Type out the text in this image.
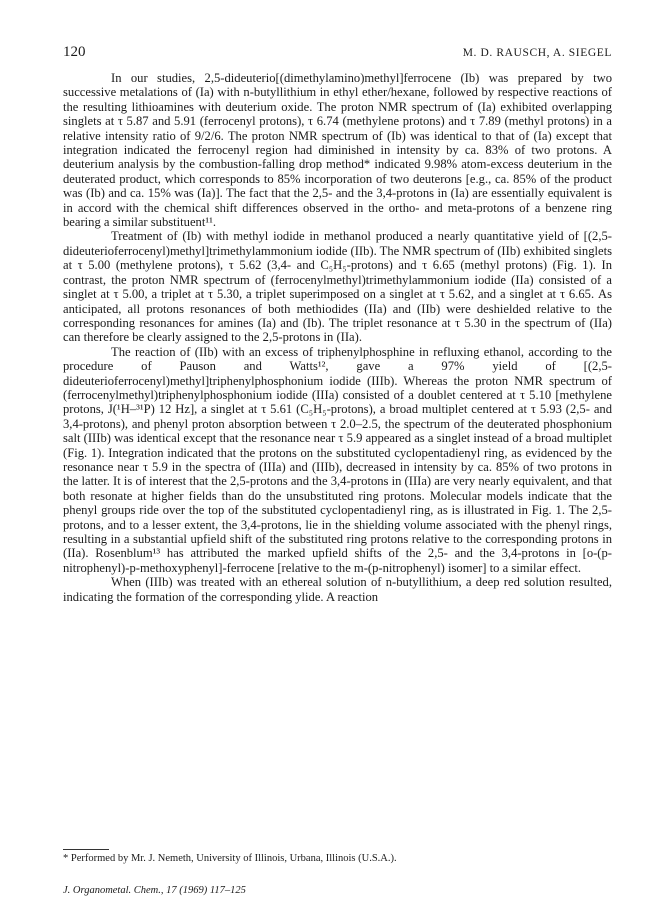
120	M. D. RAUSCH, A. SIEGEL

In our studies, 2,5-dideuterio[(dimethylamino)methyl]ferrocene (Ib) was prepared by two successive metalations of (Ia) with n-butyllithium in ethyl ether/hexane, followed by respective reactions of the resulting lithioamines with deuterium oxide. The proton NMR spectrum of (Ia) exhibited overlapping singlets at τ 5.87 and 5.91 (ferrocenyl protons), τ 6.74 (methylene protons) and τ 7.89 (methyl protons) in a relative intensity ratio of 9/2/6. The proton NMR spectrum of (Ib) was identical to that of (Ia) except that integration indicated the ferrocenyl region had diminished in intensity by ca. 83% of two protons. A deuterium analysis by the combustion-falling drop method* indicated 9.98% atom-excess deuterium in the deuterated product, which corresponds to 85% incorporation of two deuterons [e.g., ca. 85% of the product was (Ib) and ca. 15% was (Ia)]. The fact that the 2,5- and the 3,4-protons in (Ia) are essentially equivalent is in accord with the chemical shift differences observed in the ortho- and meta-protons of a benzene ring bearing a similar substituent¹¹.

Treatment of (Ib) with methyl iodide in methanol produced a nearly quantitative yield of [(2,5-dideuterioferrocenyl)methyl]trimethylammonium iodide (IIb). The NMR spectrum of (IIb) exhibited singlets at τ 5.00 (methylene protons), τ 5.62 (3,4- and C₅H₅-protons) and τ 6.65 (methyl protons) (Fig. 1). In contrast, the proton NMR spectrum of (ferrocenylmethyl)trimethylammonium iodide (IIa) consisted of a singlet at τ 5.00, a triplet at τ 5.30, a triplet superimposed on a singlet at τ 5.62, and a singlet at τ 6.65. As anticipated, all protons resonances of both methiodides (IIa) and (IIb) were deshielded relative to the corresponding resonances for amines (Ia) and (Ib). The triplet resonance at τ 5.30 in the spectrum of (IIa) can therefore be clearly assigned to the 2,5-protons in (IIa).

The reaction of (IIb) with an excess of triphenylphosphine in refluxing ethanol, according to the procedure of Pauson and Watts¹², gave a 97% yield of [(2,5-dideuterioferrocenyl)methyl]triphenylphosphonium iodide (IIIb). Whereas the proton NMR spectrum of (ferrocenylmethyl)triphenylphosphonium iodide (IIIa) consisted of a doublet centered at τ 5.10 [methylene protons, J(¹H–³¹P) 12 Hz], a singlet at τ 5.61 (C₅H₅-protons), a broad multiplet centered at τ 5.93 (2,5- and 3,4-protons), and phenyl proton absorption between τ 2.0–2.5, the spectrum of the deuterated phosphonium salt (IIIb) was identical except that the resonance near τ 5.9 appeared as a singlet instead of a broad multiplet (Fig. 1). Integration indicated that the protons on the substituted cyclopentadienyl ring, as evidenced by the resonance near τ 5.9 in the spectra of (IIIa) and (IIIb), decreased in intensity by ca. 85% of two protons in the latter. It is of interest that the 2,5-protons and the 3,4-protons in (IIIa) are very nearly equivalent, and that both resonate at higher fields than do the unsubstituted ring protons. Molecular models indicate that the phenyl groups ride over the top of the substituted cyclopentadienyl ring, as is illustrated in Fig. 1. The 2,5-protons, and to a lesser extent, the 3,4-protons, lie in the shielding volume associated with the phenyl rings, resulting in a substantial upfield shift of the substituted ring protons relative to the corresponding protons in (IIa). Rosenblum¹³ has attributed the marked upfield shifts of the 2,5- and the 3,4-protons in [o-(p-nitrophenyl)-p-methoxyphenyl]-ferrocene [relative to the m-(p-nitrophenyl) isomer] to a similar effect.

When (IIIb) was treated with an ethereal solution of n-butyllithium, a deep red solution resulted, indicating the formation of the corresponding ylide. A reaction

* Performed by Mr. J. Nemeth, University of Illinois, Urbana, Illinois (U.S.A.).
J. Organometal. Chem., 17 (1969) 117–125
